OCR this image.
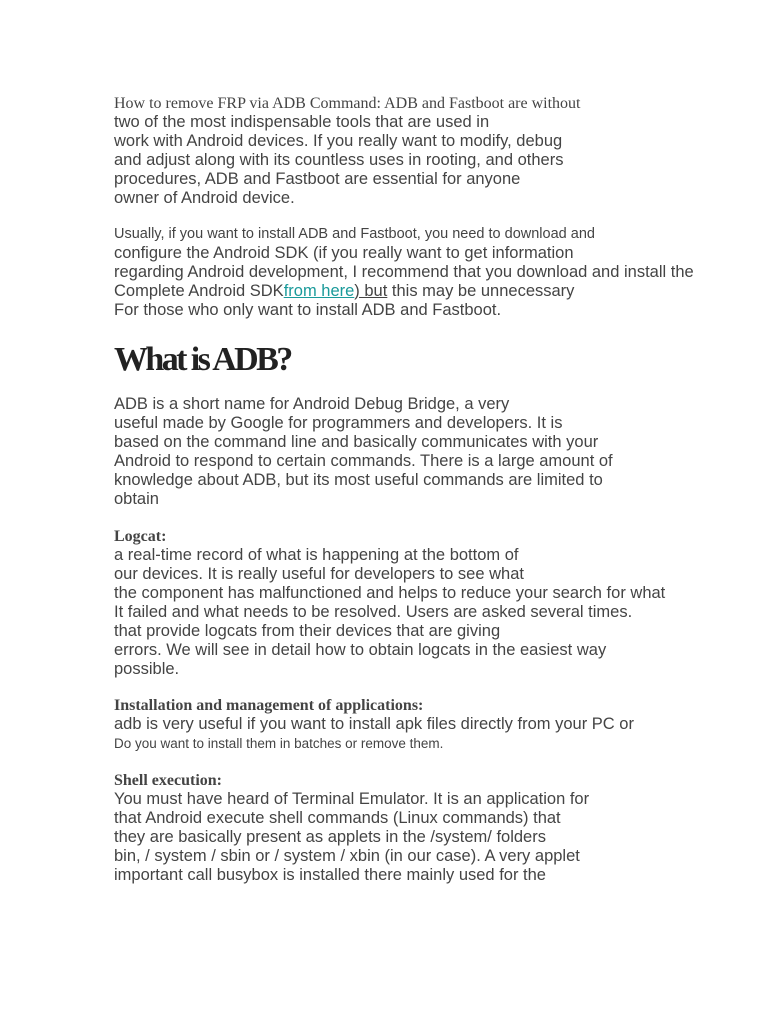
How to remove FRP via ADB Command: ADB and Fastboot are without
two of the most indispensable tools that are used in
work with Android devices. If you really want to modify, debug
and adjust along with its countless uses in rooting, and others
procedures, ADB and Fastboot are essential for anyone
owner of Android device.
Usually, if you want to install ADB and Fastboot, you need to download and
configure the Android SDK (if you really want to get information
regarding Android development, I recommend that you download and install the
Complete Android SDKfrom here) but this may be unnecessary
For those who only want to install ADB and Fastboot.
What is ADB?
ADB is a short name for Android Debug Bridge, a very
useful made by Google for programmers and developers. It is
based on the command line and basically communicates with your
Android to respond to certain commands. There is a large amount of
knowledge about ADB, but its most useful commands are limited to
obtain
Logcat:
a real-time record of what is happening at the bottom of
our devices. It is really useful for developers to see what
the component has malfunctioned and helps to reduce your search for what
It failed and what needs to be resolved. Users are asked several times.
that provide logcats from their devices that are giving
errors. We will see in detail how to obtain logcats in the easiest way
possible.
Installation and management of applications:
adb is very useful if you want to install apk files directly from your PC or
Do you want to install them in batches or remove them.
Shell execution:
You must have heard of Terminal Emulator. It is an application for
that Android execute shell commands (Linux commands) that
they are basically present as applets in the /system/ folders
bin, / system / sbin or / system / xbin (in our case). A very applet
important call busybox is installed there mainly used for the
